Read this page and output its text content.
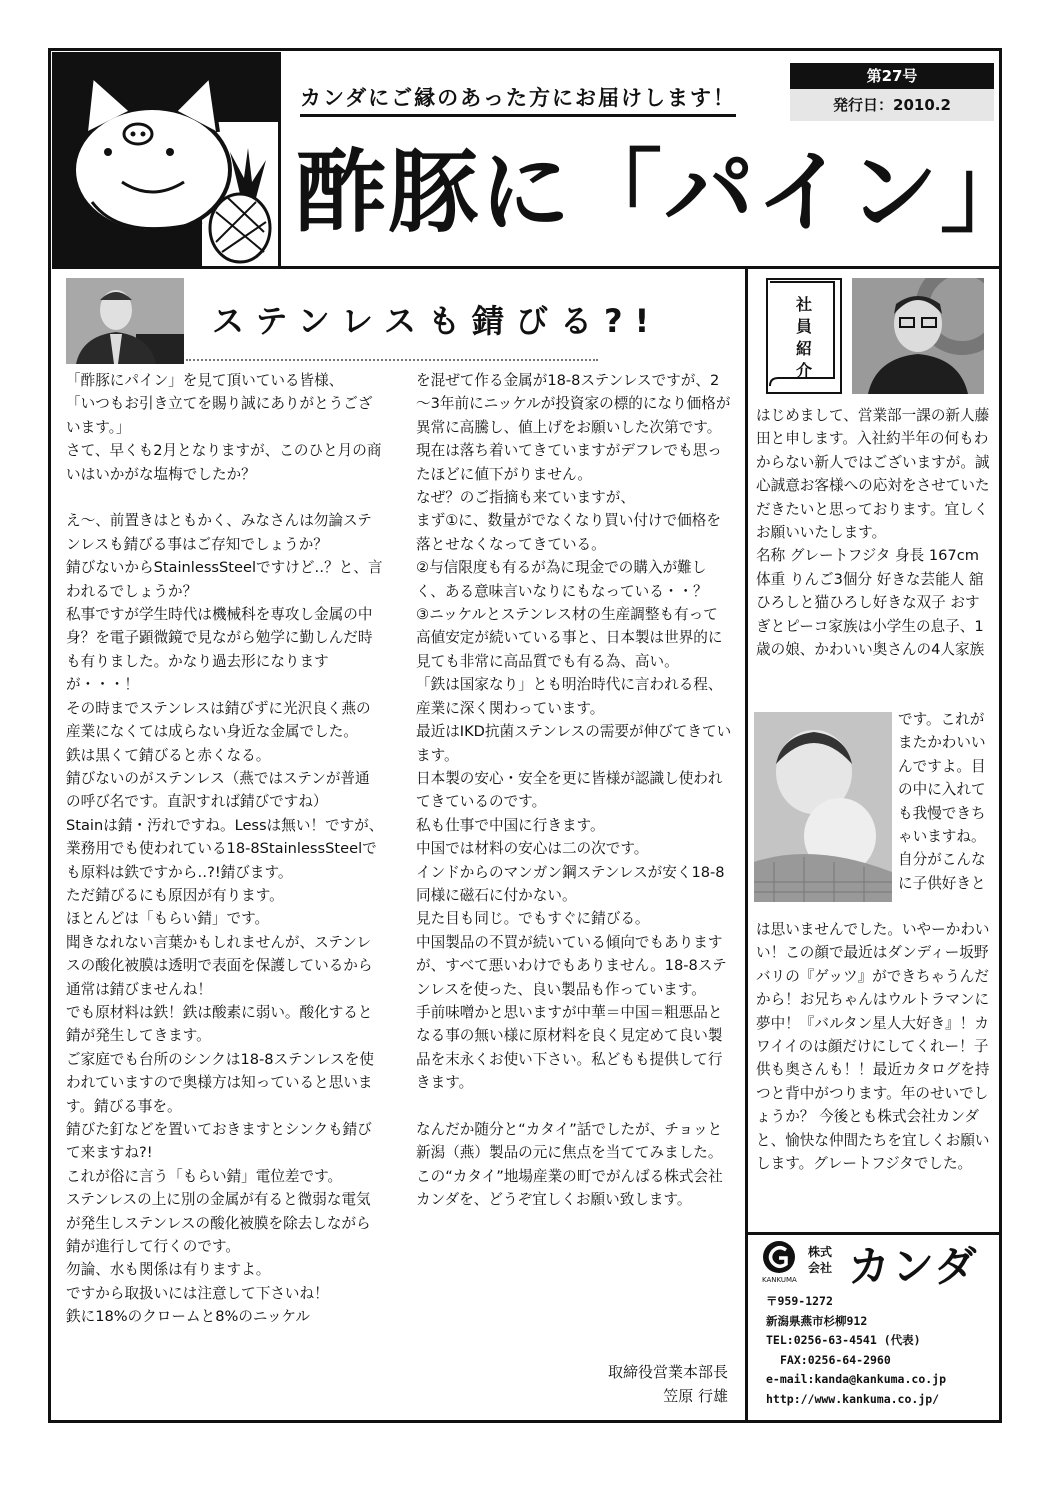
カンダにご縁のあった方にお届けします！
第27号
発行日：2010.2
酢豚に「パイン」
ステンレスも錆びる?!
「酢豚にパイン」を見て頂いている皆様、
「いつもお引き立てを賜り誠にありがとうございます。」
さて、早くも2月となりますが、このひと月の商いはいかがな塩梅でしたか？

え～、前置きはともかく、みなさんは勿論ステンレスも錆びる事はご存知でしょうか？
錆びないからStainlessSteelですけど‥？と、言われるでしょうか？
私事ですが学生時代は機械科を専攻し金属の中身？を電子顕微鏡で見ながら勉学に勤しんだ時も有りました。かなり過去形になりますが・・・！
その時までステンレスは錆びずに光沢良く燕の産業になくては成らない身近な金属でした。
鉄は黒くて錆びると赤くなる。
錆びないのがステンレス（燕ではステンが普通の呼び名です。直訳すれば錆びですね）
Stainは錆・汚れですね。Lessは無い！ですが、業務用でも使われている18-8StainlessSteelでも原料は鉄ですから‥?!錆びます。
ただ錆びるにも原因が有ります。
ほとんどは「もらい錆」です。
聞きなれない言葉かもしれませんが、ステンレスの酸化被膜は透明で表面を保護しているから通常は錆びませんね！
でも原材料は鉄！鉄は酸素に弱い。酸化すると錆が発生してきます。
ご家庭でも台所のシンクは18-8ステンレスを使われていますので奥様方は知っていると思います。錆びる事を。
錆びた釘などを置いておきますとシンクも錆びて来ますね?!
これが俗に言う「もらい錆」電位差です。
ステンレスの上に別の金属が有ると微弱な電気が発生しステンレスの酸化被膜を除去しながら錆が進行して行くのです。
勿論、水も関係は有りますよ。
ですから取扱いには注意して下さいね！
鉄に18%のクロームと8%のニッケル
を混ぜて作る金属が18-8ステンレスですが、2～3年前にニッケルが投資家の標的になり価格が異常に高騰し、値上げをお願いした次第です。
現在は落ち着いてきていますがデフレでも思ったほどに値下がりません。
なぜ？のご指摘も来ていますが、
まず①に、数量がでなくなり買い付けで価格を落とせなくなってきている。
②与信限度も有るが為に現金での購入が難しく、ある意味言いなりにもなっている・・？
③ニッケルとステンレス材の生産調整も有って高値安定が続いている事と、日本製は世界的に見ても非常に高品質でも有る為、高い。
「鉄は国家なり」とも明治時代に言われる程、産業に深く関わっています。
最近はIKD抗菌ステンレスの需要が伸びてきています。
日本製の安心・安全を更に皆様が認識し使われてきているのです。
私も仕事で中国に行きます。
中国では材料の安心は二の次です。
インドからのマンガン鋼ステンレスが安く18-8同様に磁石に付かない。
見た目も同じ。でもすぐに錆びる。
中国製品の不買が続いている傾向でもありますが、すべて悪いわけでもありません。18-8ステンレスを使った、良い製品も作っています。
手前味噌かと思いますが中華＝中国＝粗悪品となる事の無い様に原材料を良く見定めて良い製品を末永くお使い下さい。私どもも提供して行きます。

なんだか随分と“カタイ”話でしたが、チョッと新潟（燕）製品の元に焦点を当ててみました。
この“カタイ”地場産業の町でがんばる株式会社カンダを、どうぞ宜しくお願い致します。
取締役営業本部長
笠原 行雄
社
員
紹
介
はじめまして、営業部一課の新人藤田と申します。入社約半年の何もわからない新人ではございますが。誠心誠意お客様への応対をさせていただきたいと思っております。宜しくお願いいたします。
名称 グレートフジタ 身長 167cm 体重 りんご3個分 好きな芸能人 舘ひろしと猫ひろし好きな双子 おすぎとピーコ家族は小学生の息子、1歳の娘、かわいい奥さんの4人家族
です。これがまたかわいいんですよ。目の中に入れても我慢できちゃいますね。自分がこんなに子供好きと
は思いませんでした。いやーかわいい！この顔で最近はダンディー坂野バリの『ゲッツ』ができちゃうんだから！お兄ちゃんはウルトラマンに夢中！『バルタン星人大好き』！カワイイのは顔だけにしてくれー！子供も奥さんも！！最近カタログを持つと背中がつります。年のせいでしょうか？ 今後とも株式会社カンダと、愉快な仲間たちを宜しくお願いします。グレートフジタでした。
KANKUMA
株式
会社 カンダ
〒959-1272
新潟県燕市杉柳912
TEL:0256-63-4541 (代表)
FAX:0256-64-2960
e-mail:kanda@kankuma.co.jp
http://www.kankuma.co.jp/
